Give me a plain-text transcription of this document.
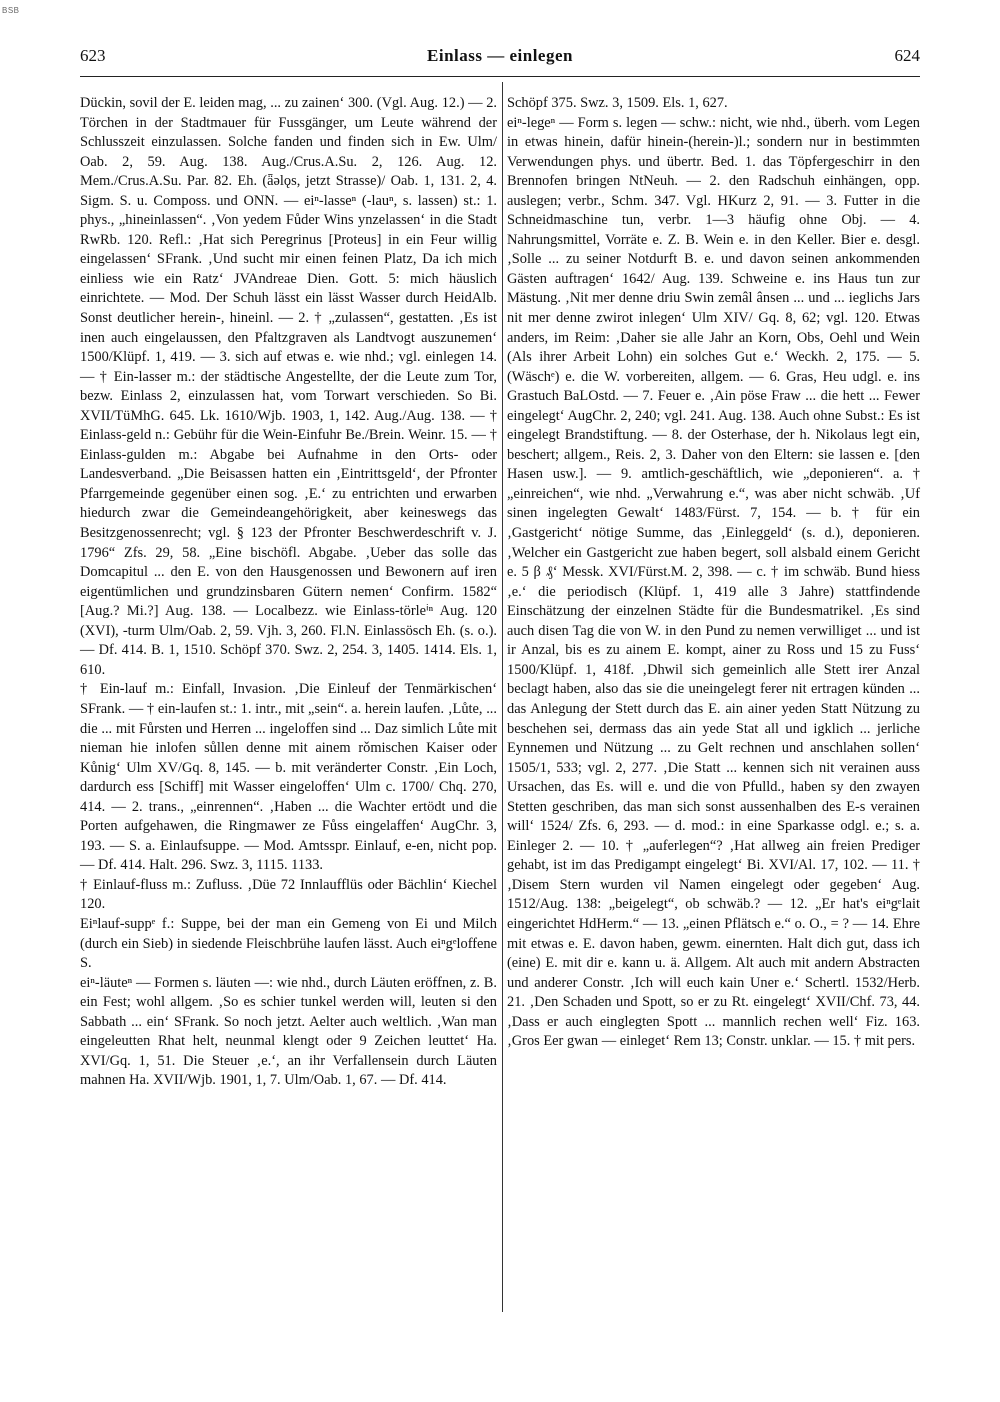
BSB
623	Einlass — einlegen	624

Dückin, sovil der E. leiden mag, ... zu zainen‘ 300. (Vgl. Aug. 12.) — 2. Törchen in der Stadtmauer für Fussgänger, um Leute während der Schlusszeit einzulassen. Solche fanden und finden sich in Ew. Ulm/ Oab. 2, 59. Aug. 138. Aug./Crus.A.Su. 2, 126. Aug. 12. Mem./Crus.A.Su. Par. 82. Eh. (ǟəlǫs, jetzt Strasse)/ Oab. 1, 131. 2, 4. Sigm. S. u. Composs. und ONN. — eiⁿ-lasseⁿ (-lauⁿ, s. lassen) st.: 1. phys., „hineinlassen“. ‚Von yedem Fůder Wins ynzelassen‘ in die Stadt RwRb. 120. Refl.: ‚Hat sich Peregrinus [Proteus] in ein Feur willig eingelassen‘ SFrank. ‚Und sucht mir einen feinen Platz, Da ich mich einliess wie ein Ratz‘ JVAndreae Dien. Gott. 5: mich häuslich einrichtete. — Mod. Der Schuh lässt ein lässt Wasser durch HeidAlb. Sonst deutlicher herein-, hineinl. — 2. † „zulassen“, gestatten. ‚Es ist inen auch eingelaussen, den Pfaltzgraven als Landtvogt auszunemen‘ 1500/Klüpf. 1, 419. — 3. sich auf etwas e. wie nhd.; vgl. einlegen 14. — † Ein-lasser m.: der städtische Angestellte, der die Leute zum Tor, bezw. Einlass 2, einzulassen hat, vom Torwart verschieden. So Bi. XVII/TüMhG. 645. Lk. 1610/Wjb. 1903, 1, 142. Aug./Aug. 138. — † Einlass-geld n.: Gebühr für die Wein-Einfuhr Be./Brein. Weinr. 15. — † Einlass-gulden m.: Abgabe bei Aufnahme in den Orts- oder Landesverband. „Die Beisassen hatten ein ‚Eintrittsgeld‘, der Pfronter Pfarrgemeinde gegenüber einen sog. ‚E.‘ zu entrichten und erwarben hiedurch zwar die Gemeindeangehörigkeit, aber keineswegs das Besitzgenossenrecht; vgl. § 123 der Pfronter Beschwerdeschrift v. J. 1796“ Zfs. 29, 58. „Eine bischöfl. Abgabe. ‚Ueber das solle das Domcapitul ... den E. von den Hausgenossen und Bewonern auf iren eigentümlichen und grundzinsbaren Gütern nemen‘ Confirm. 1582“ [Aug.? Mi.?] Aug. 138. — Localbezz. wie Einlass-törleⁱⁿ Aug. 120 (XVI), -turm Ulm/Oab. 2, 59. Vjh. 3, 260. Fl.N. Einlassösch Eh. (s. o.). — Df. 414. B. 1, 1510. Schöpf 370. Swz. 2, 254. 3, 1405. 1414. Els. 1, 610.

† Ein-lauf m.: Einfall, Invasion. ‚Die Einleuf der Tenmärkischen‘ SFrank. — † ein-laufen st.: 1. intr., mit „sein“. a. herein laufen. ‚Lůte, ... die ... mit Fůrsten und Herren ... ingeloffen sind ... Daz simlich Lůte mit nieman hie inlofen sůllen denne mit ainem rǒmischen Kaiser oder Kůnig‘ Ulm XV/Gq. 8, 145. — b. mit veränderter Constr. ‚Ein Loch, dardurch ess [Schiff] mit Wasser eingeloffen‘ Ulm c. 1700/ Chq. 270, 414. — 2. trans., „einrennen“. ‚Haben ... die Wachter ertödt und die Porten aufgehawen, die Ringmawer ze Fůss eingelaffen‘ AugChr. 3, 193. — S. a. Einlaufsuppe. — Mod. Amtsspr. Einlauf, e-en, nicht pop. — Df. 414. Halt. 296. Swz. 3, 1115. 1133.

† Einlauf-fluss m.: Zufluss. ‚Düe 72 Innlaufflüs oder Bächlin‘ Kiechel 120.

Eiⁿlauf-suppᵉ f.: Suppe, bei der man ein Gemeng von Ei und Milch (durch ein Sieb) in siedende Fleischbrühe laufen lässt. Auch eiⁿgᵉloffene S.

eiⁿ-läuteⁿ — Formen s. läuten —: wie nhd., durch Läuten eröffnen, z. B. ein Fest; wohl allgem. ‚So es schier tunkel werden will, leuten si den Sabbath ... ein‘ SFrank. So noch jetzt. Aelter auch weltlich. ‚Wan man eingeleutten Rhat helt, neunmal klengt oder 9 Zeichen leuttet‘ Ha. XVI/Gq. 1, 51. Die Steuer ‚e.‘, an ihr Verfallensein durch Läuten mahnen Ha. XVII/Wjb. 1901, 1, 7. Ulm/Oab. 1, 67. — Df. 414.

Schöpf 375. Swz. 3, 1509. Els. 1, 627.

eiⁿ-legeⁿ — Form s. legen — schw.: nicht, wie nhd., überh. vom Legen in etwas hinein, dafür hinein-(herein-)l.; sondern nur in bestimmten Verwendungen phys. und übertr. Bed. 1. das Töpfergeschirr in den Brennofen bringen NtNeuh. — 2. den Radschuh einhängen, opp. auslegen; verbr., Schm. 347. Vgl. HKurz 2, 91. — 3. Futter in die Schneidmaschine tun, verbr. 1—3 häufig ohne Obj. — 4. Nahrungsmittel, Vorräte e. Z. B. Wein e. in den Keller. Bier e. desgl. ‚Solle ... zu seiner Notdurft B. e. und davon seinen ankommenden Gästen auftragen‘ 1642/ Aug. 139. Schweine e. ins Haus tun zur Mästung. ‚Nit mer denne driu Swin zemâl ânsen ... und ... ieglichs Jars nit mer denne zwirot inlegen‘ Ulm XIV/ Gq. 8, 62; vgl. 120. Etwas anders, im Reim: ‚Daher sie alle Jahr an Korn, Obs, Oehl und Wein (Als ihrer Arbeit Lohn) ein solches Gut e.‘ Weckh. 2, 175. — 5. (Wäschᵉ) e. die W. vorbereiten, allgem. — 6. Gras, Heu udgl. e. ins Grastuch BaLOstd. — 7. Feuer e. ‚Ain pöse Fraw ... die hett ... Fewer eingelegt‘ AugChr. 2, 240; vgl. 241. Aug. 138. Auch ohne Subst.: Es ist eingelegt Brandstiftung. — 8. der Osterhase, der h. Nikolaus legt ein, beschert; allgem., Reis. 2, 3. Daher von den Eltern: sie lassen e. [den Hasen usw.]. — 9. amtlich-geschäftlich, wie „deponieren“. a. † „einreichen“, wie nhd. „Verwahrung e.“, was aber nicht schwäb. ‚Uf sinen ingelegten Gewalt‘ 1483/Fürst. 7, 154. — b. † für ein ‚Gastgericht‘ nötige Summe, das ‚Einleggeld‘ (s. d.), deponieren. ‚Welcher ein Gastgericht zue haben begert, soll alsbald einem Gericht e. 5 β ₰‘ Messk. XVI/Fürst.M. 2, 398. — c. † im schwäb. Bund hiess ‚e.‘ die periodisch (Klüpf. 1, 419 alle 3 Jahre) stattfindende Einschätzung der einzelnen Städte für die Bundesmatrikel. ‚Es sind auch disen Tag die von W. in den Pund zu nemen verwilliget ... und ist ir Anzal, bis es zu ainem E. kompt, ainer zu Ross und 15 zu Fuss‘ 1500/Klüpf. 1, 418f. ‚Dhwil sich gemeinlich alle Stett irer Anzal beclagt haben, also das sie die uneingelegt ferer nit ertragen künden ... das Anlegung der Stett durch das E. ain ainer yeden Statt Nützung zu beschehen sei, dermass das ain yede Stat all und igklich ... jerliche Eynnemen und Nützung ... zu Gelt rechnen und anschlahen sollen‘ 1505/1, 533; vgl. 2, 277. ‚Die Statt ... kennen sich nit verainen auss Ursachen, das Es. will e. und die von Pfulld., haben sy den zwayen Stetten geschriben, das man sich sonst aussenhalben des E-s verainen will‘ 1524/ Zfs. 6, 293. — d. mod.: in eine Sparkasse odgl. e.; s. a. Einleger 2. — 10. † „auferlegen“? ‚Hat allweg ain freien Prediger gehabt, ist im das Predigampt eingelegt‘ Bi. XVI/Al. 17, 102. — 11. † ‚Disem Stern wurden vil Namen eingelegt oder gegeben‘ Aug. 1512/Aug. 138: „beigelegt“, ob schwäb.? — 12. „Er hat's eiⁿgᵉlait eingerichtet HdHerm.“ — 13. „einen Pflätsch e.“ o. O., = ? — 14. Ehre mit etwas e. E. davon haben, gewm. einernten. Halt dich gut, dass ich (eine) E. mit dir e. kann u. ä. Allgem. Alt auch mit andern Abstracten und anderer Constr. ‚Ich will euch kain Uner e.‘ Schertl. 1532/Herb. 21. ‚Den Schaden und Spott, so er zu Rt. eingelegt‘ XVII/Chf. 73, 44. ‚Dass er auch einglegten Spott ... mannlich rechen well‘ Fiz. 163. ‚Gros Eer gwan — einleget‘ Rem 13; Constr. unklar. — 15. † mit pers.
